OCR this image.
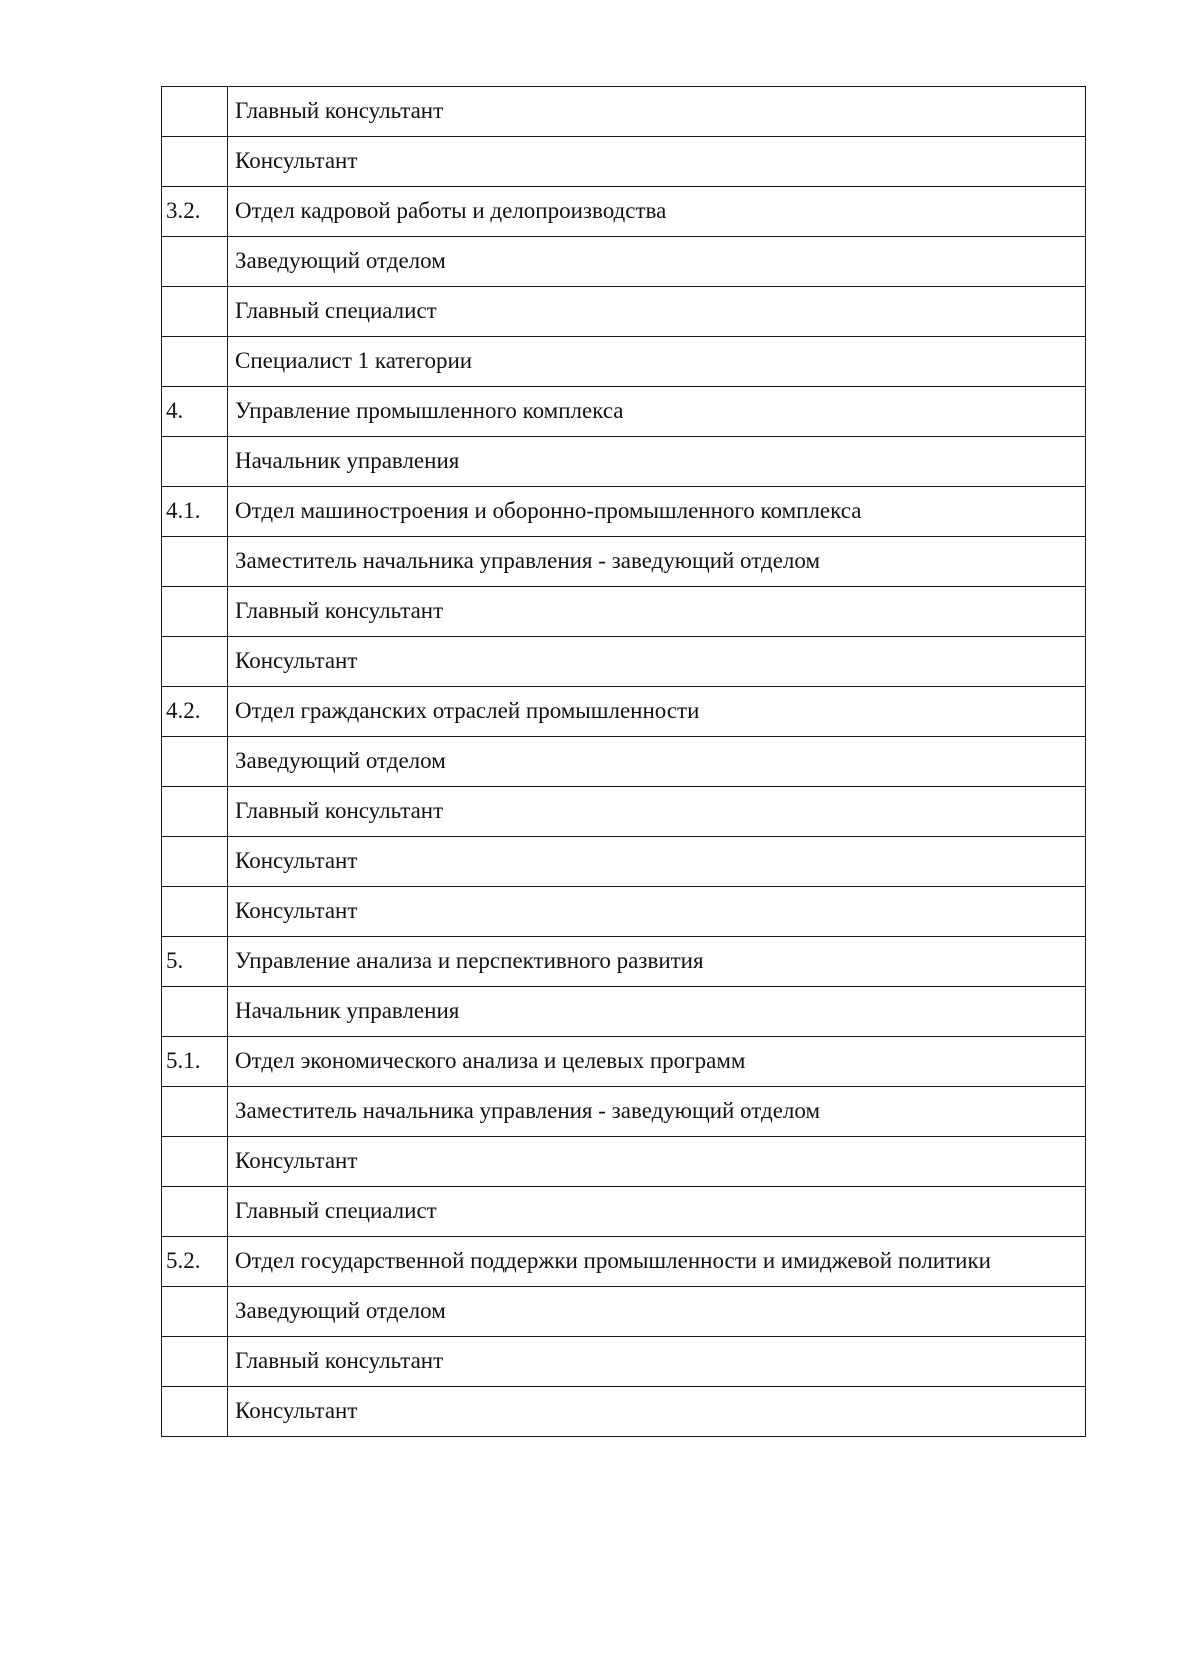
	Главный консультант
	Консультант
3.2.	Отдел кадровой работы и делопроизводства
	Заведующий отделом
	Главный специалист
	Специалист 1 категории
4.	Управление промышленного комплекса
	Начальник управления
4.1.	Отдел машиностроения и оборонно-промышленного комплекса
	Заместитель начальника управления - заведующий отделом
	Главный консультант
	Консультант
4.2.	Отдел гражданских отраслей промышленности
	Заведующий отделом
	Главный консультант
	Консультант
	Консультант
5.	Управление анализа и перспективного развития
	Начальник управления
5.1.	Отдел экономического анализа и целевых программ
	Заместитель начальника управления - заведующий отделом
	Консультант
	Главный специалист
5.2.	Отдел государственной поддержки промышленности и имиджевой политики
	Заведующий отделом
	Главный консультант
	Консультант
